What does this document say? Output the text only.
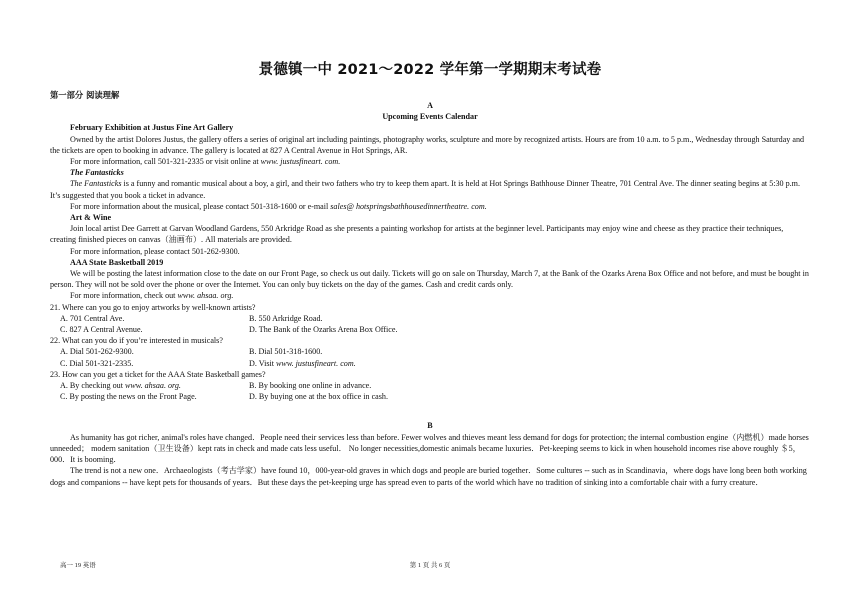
景德镇一中 2021～2022 学年第一学期期末考试卷
第一部分 阅读理解

A

Upcoming Events Calendar

February Exhibition at Justus Fine Art Gallery

Owned by the artist Dolores Justus, the gallery offers a series of original art including paintings, photography works, sculpture and more by recognized artists. Hours are from 10 a.m. to 5 p.m., Wednesday through Saturday and the tickets are open to booking in advance. The gallery is located at 827 A Central Avenue in Hot Springs, AR.

For more information, call 501-321-2335 or visit online at www. justusfineart. com.

The Fantasticks

The Fantasticks is a funny and romantic musical about a boy, a girl, and their two fathers who try to keep them apart. It is held at Hot Springs Bathhouse Dinner Theatre, 701 Central Ave. The dinner seating begins at 5:30 p.m. It’s suggested that you book a ticket in advance.

For more information about the musical, please contact 501-318-1600 or e-mail sales@ hotspringsbathhousedinnertheatre. com.

Art & Wine

Join local artist Dee Garrett at Garvan Woodland Gardens, 550 Arkridge Road as she presents a painting workshop for artists at the beginner level. Participants may enjoy wine and cheese as they practice their techniques, creating finished pieces on canvas（油画布）. All materials are provided.

For more information, please contact 501-262-9300.

AAA State Basketball 2019

We will be posting the latest information close to the date on our Front Page, so check us out daily. Tickets will go on sale on Thursday, March 7, at the Bank of the Ozarks Arena Box Office and not before, and must be bought in person. They will not be sold over the phone or over the Internet. You can only buy tickets on the day of the games. Cash and credit cards only.

For more information, check out www. ahsaa. org.

21. Where can you go to enjoy artworks by well-known artists?

A. 701 Central Ave.	B. 550 Arkridge Road.
C. 827 A Central Avenue.	D. The Bank of the Ozarks Arena Box Office.

22. What can you do if you’re interested in musicals?

A. Dial 501-262-9300.	B. Dial 501-318-1600.
C. Dial 501-321-2335.	D. Visit www. justusfineart. com.

23. How can you get a ticket for the AAA State Basketball games?

A. By checking out www. ahsaa. org.	B. By booking one online in advance.
C. By posting the news on the Front Page.	D. By buying one at the box office in cash.

B

As humanity has got richer, animal's roles have changed．People need their services less than before. Fewer wolves and thieves meant less demand for dogs for protection; the internal combustion engine（内燃机）made horses unneeded； modern sanitation（卫生设备）kept rats in check and made cats less useful． No longer necessities,domestic animals became luxuries．Pet-keeping seems to kick in when household incomes rise above roughly ＄5，000．It is booming．

The trend is not a new one．Archaeologists（考古学家）have found 10，000-year-old graves in which dogs and people are buried together．Some cultures -- such as in Scandinavia，where dogs have long been both working dogs and companions -- have kept pets for thousands of years．But these days the pet-keeping urge has spread even to parts of the world which have no tradition of sinking into a comfortable chair with a furry creature．

高一 19 英语	第 1 页 共 6 页
